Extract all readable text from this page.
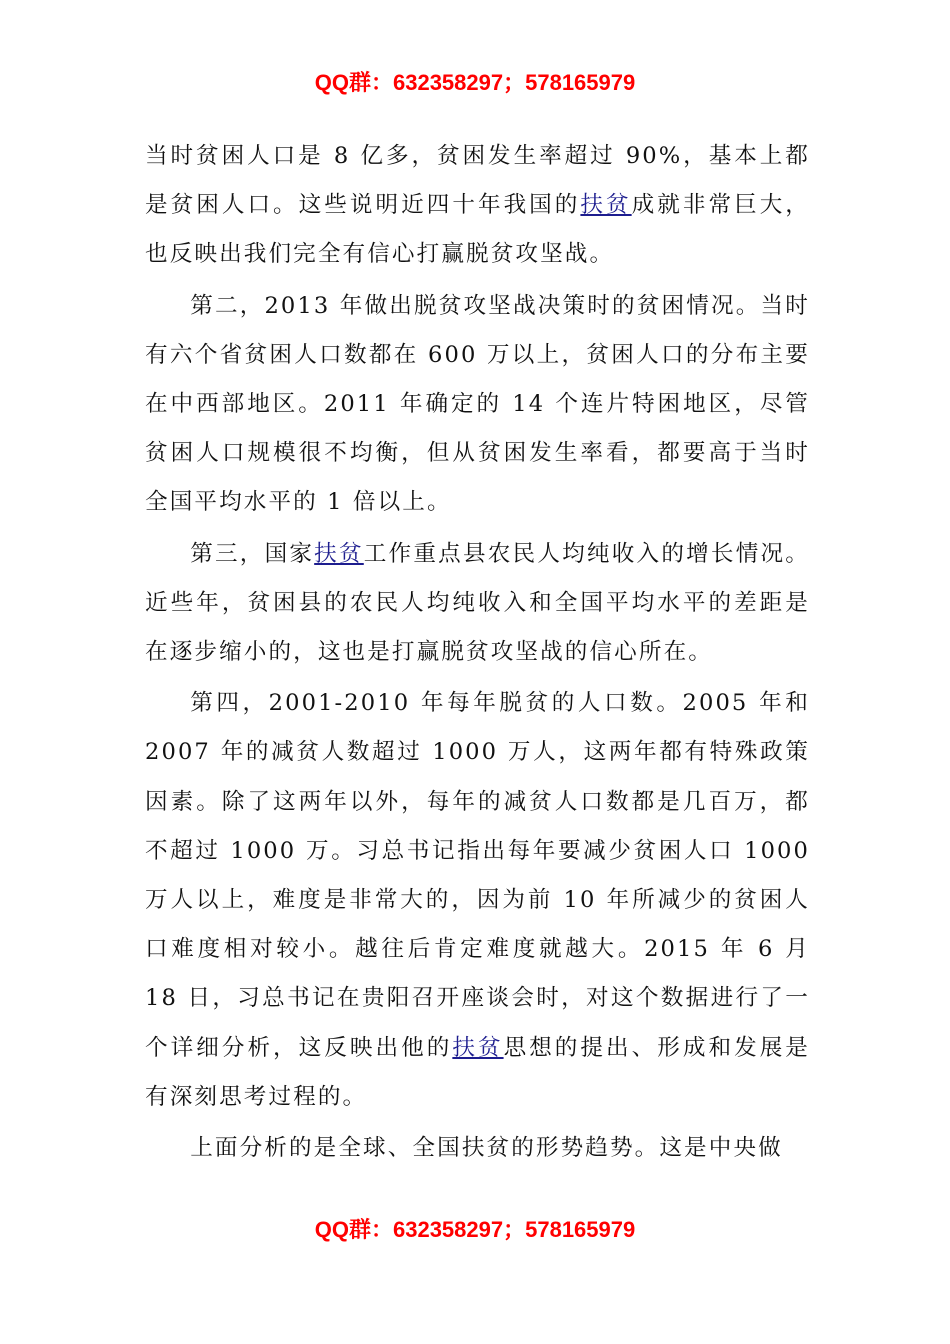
QQ群：632358297；578165979

当时贫困人口是 8 亿多，贫困发生率超过 90%，基本上都是贫困人口。这些说明近四十年我国的扶贫成就非常巨大，也反映出我们完全有信心打赢脱贫攻坚战。

第二，2013 年做出脱贫攻坚战决策时的贫困情况。当时有六个省贫困人口数都在 600 万以上，贫困人口的分布主要在中西部地区。2011 年确定的 14 个连片特困地区，尽管贫困人口规模很不均衡，但从贫困发生率看，都要高于当时全国平均水平的 1 倍以上。

第三，国家扶贫工作重点县农民人均纯收入的增长情况。近些年，贫困县的农民人均纯收入和全国平均水平的差距是在逐步缩小的，这也是打赢脱贫攻坚战的信心所在。

第四，2001-2010 年每年脱贫的人口数。2005 年和 2007 年的减贫人数超过 1000 万人，这两年都有特殊政策因素。除了这两年以外，每年的减贫人口数都是几百万，都不超过 1000 万。习总书记指出每年要减少贫困人口 1000 万人以上，难度是非常大的，因为前 10 年所减少的贫困人口难度相对较小。越往后肯定难度就越大。2015 年 6 月 18 日，习总书记在贵阳召开座谈会时，对这个数据进行了一个详细分析，这反映出他的扶贫思想的提出、形成和发展是有深刻思考过程的。

上面分析的是全球、全国扶贫的形势趋势。这是中央做

QQ群：632358297；578165979
